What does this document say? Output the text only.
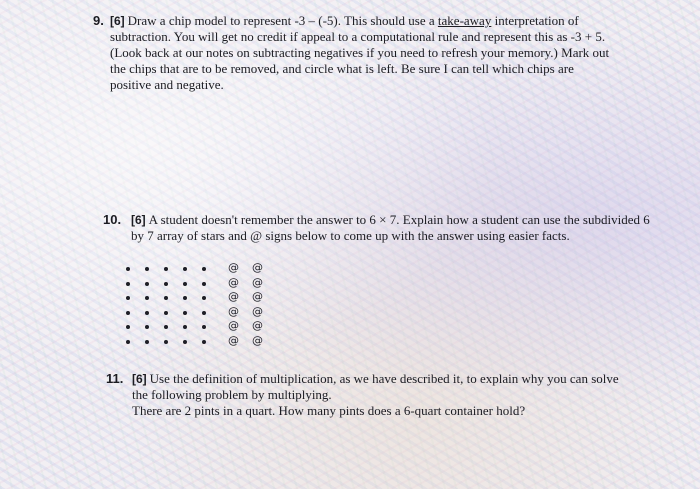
9. [6] Draw a chip model to represent -3 – (-5). This should use a take-away interpretation of
subtraction. You will get no credit if appeal to a computational rule and represent this as -3 + 5.
(Look back at our notes on subtracting negatives if you need to refresh your memory.) Mark out
the chips that are to be removed, and circle what is left. Be sure I can tell which chips are
positive and negative.
10. [6] A student doesn't remember the answer to 6 × 7. Explain how a student can use the subdivided 6
by 7 array of stars and @ signs below to come up with the answer using easier facts.
@ @
@ @
@ @
@ @
@ @
@ @
11. [6] Use the definition of multiplication, as we have described it, to explain why you can solve
the following problem by multiplying.
There are 2 pints in a quart. How many pints does a 6-quart container hold?
